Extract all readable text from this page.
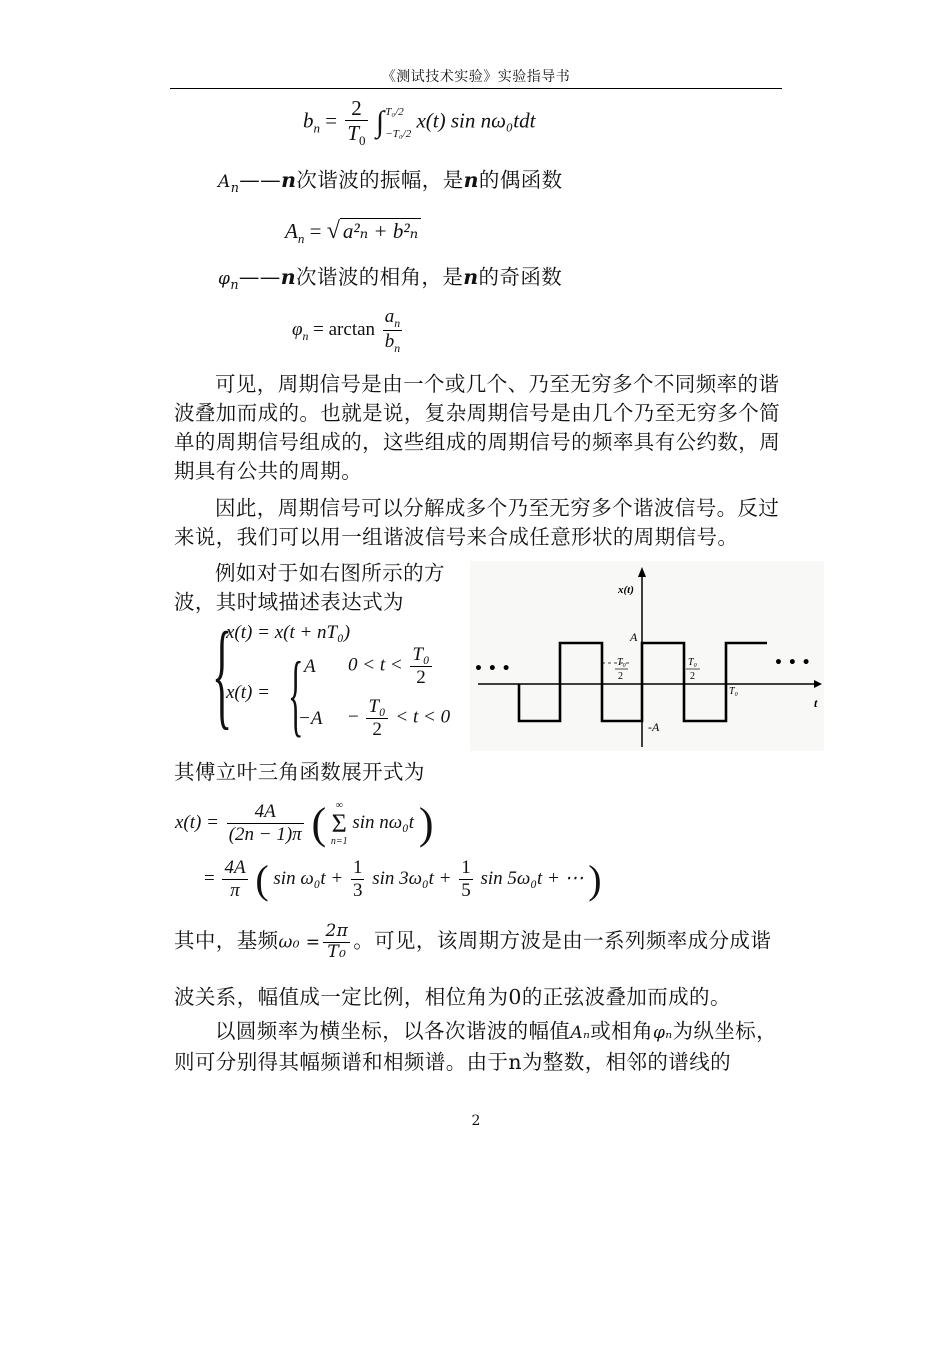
《测试技术实验》实验指导书
$b_n = \frac{2}{T_0}$ ∫ T₀/2
−T₀/2
x(t) sin nω₀tdt
$A_n——n$次谐波的振幅，是n的偶函数
$A_n$ = √ a²ₙ + b²ₙ
$\varphi_n——n$次谐波的相角，是n的奇函数
$\varphi_n = \arctan \frac{a_n}{b_n}$
可见，周期信号是由一个或几个、乃至无穷多个不同频率的谐波叠加而成的。也就是说，复杂周期信号是由几个乃至无穷多个简单的周期信号组成的，这些组成的周期信号的频率具有公约数，周期具有公共的周期。
因此，周期信号可以分解成多个乃至无穷多个谐波信号。反过来说，我们可以用一组谐波信号来合成任意形状的周期信号。
例如对于如右图所示的方
波，其时域描述表达式为
{
x(t) = x(t + nT₀)
x(t) = { A $0 < t < \frac{\text{T₀}}{2}$
$-A - \frac{\text{T₀}}{2} < t < 0$
x(t)
A
-A
T₀
2
T₀
2
T₀
t
• • •	• • •
其傅立叶三角函数展开式为
$x(t) = \frac{4A}{(2n - 1)\pi}$ ( ∞
Σ
n=1
sin nω₀t )
= $\frac{4A}{\pi}$ ( $\sin \omega_0t + \frac{1}{3}$ $\sin 3\omega_0t + \frac{1}{5}$ sin 5ω₀t + ⋯ )
其中，基频$\omega_0 = \frac{2\pi}{\text{T₀}}$ 。可见，该周期方波是由一系列频率成分成谐
波关系，幅值成一定比例，相位角为0的正弦波叠加而成的。
以圆频率为横坐标，以各次谐波的幅值Aₙ或相角φₙ为纵坐标，则可分别得其幅频谱和相频谱。由于n为整数，相邻的谱线的
2
